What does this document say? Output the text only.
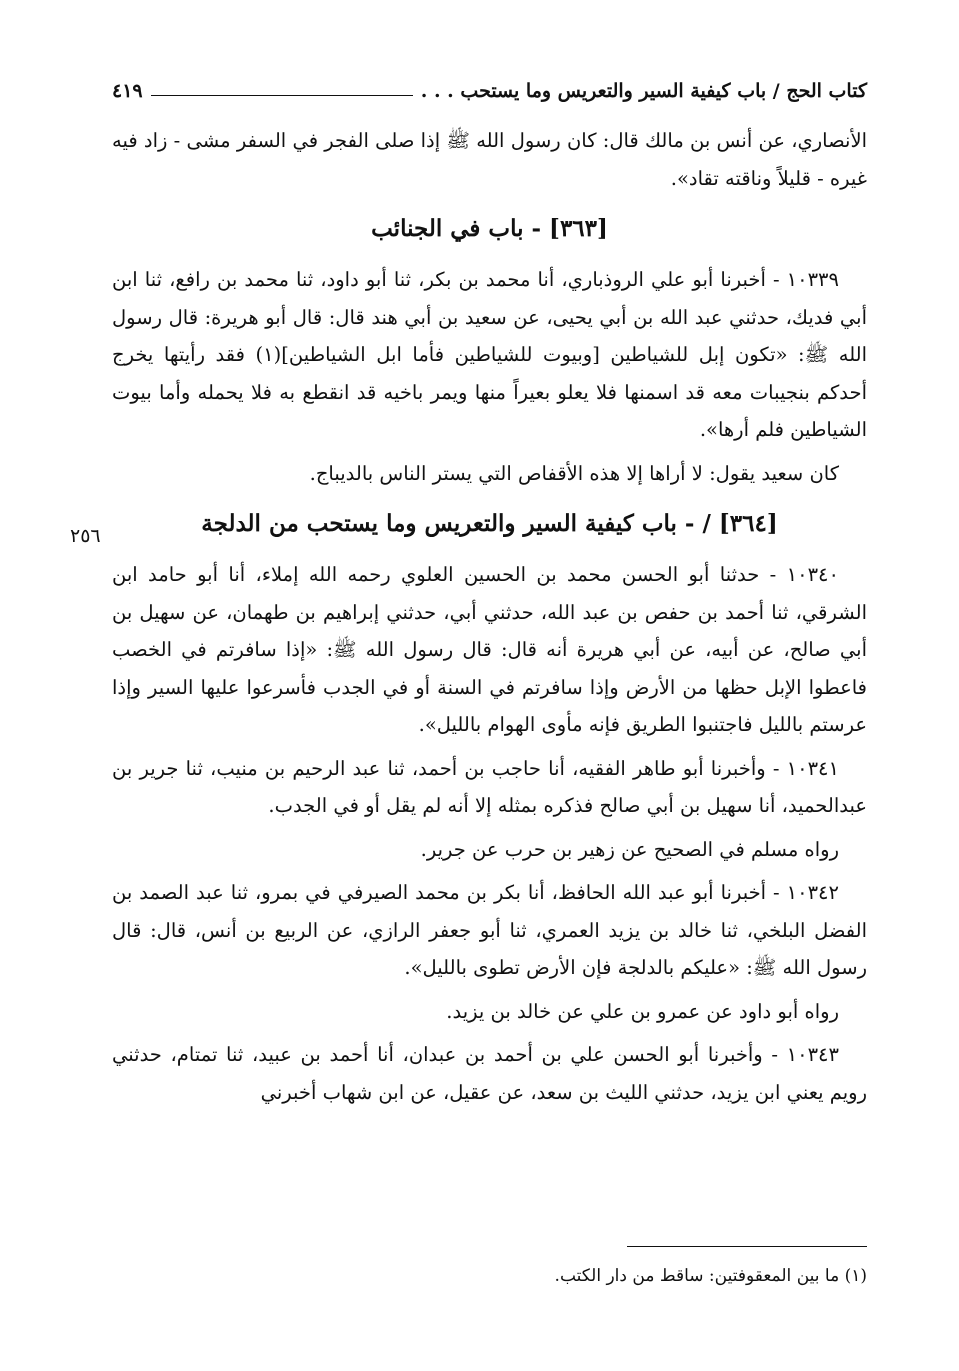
كتاب الحج / باب كيفية السير والتعريس وما يستحب . . .
٤١٩

الأنصاري، عن أنس بن مالك قال: كان رسول الله ﷺ إذا صلى الفجر في السفر مشى - زاد فيه غيره - قليلاً وناقته تقاد».

[٣٦٣] - باب في الجنائب

١٠٣٣٩ - أخبرنا أبو علي الروذباري، أنا محمد بن بكر، ثنا أبو داود، ثنا محمد بن رافع، ثنا ابن أبي فديك، حدثني عبد الله بن أبي يحيى، عن سعيد بن أبي هند قال: قال أبو هريرة: قال رسول الله ﷺ: «تكون إبل للشياطين [وبيوت للشياطين فأما ابل الشياطين](١) فقد رأيتها يخرج أحدكم بنجيبات معه قد اسمنها فلا يعلو بعيراً منها ويمر باخيه قد انقطع به فلا يحمله وأما بيوت الشياطين فلم أرها».

كان سعيد يقول: لا أراها إلا هذه الأقفاص التي يستر الناس بالديباج.

[٣٦٤] / - باب كيفية السير والتعريس وما يستحب من الدلجة
٢٥٦

١٠٣٤٠ - حدثنا أبو الحسن محمد بن الحسين العلوي رحمه الله إملاء، أنا أبو حامد ابن الشرقي، ثنا أحمد بن حفص بن عبد الله، حدثني أبي، حدثني إبراهيم بن طهمان، عن سهيل بن أبي صالح، عن أبيه، عن أبي هريرة أنه قال: قال رسول الله ﷺ: «إذا سافرتم في الخصب فاعطوا الإبل حظها من الأرض وإذا سافرتم في السنة أو في الجدب فأسرعوا عليها السير وإذا عرستم بالليل فاجتنبوا الطريق فإنه مأوى الهوام بالليل».

١٠٣٤١ - وأخبرنا أبو طاهر الفقيه، أنا حاجب بن أحمد، ثنا عبد الرحيم بن منيب، ثنا جرير بن عبدالحميد، أنا سهيل بن أبي صالح فذكره بمثله إلا أنه لم يقل أو في الجدب.

رواه مسلم في الصحيح عن زهير بن حرب عن جرير.

١٠٣٤٢ - أخبرنا أبو عبد الله الحافظ، أنا بكر بن محمد الصيرفي في بمرو، ثنا عبد الصمد بن الفضل البلخي، ثنا خالد بن يزيد العمري، ثنا أبو جعفر الرازي، عن الربيع بن أنس، قال: قال رسول الله ﷺ: «عليكم بالدلجة فإن الأرض تطوى بالليل».

رواه أبو داود عن عمرو بن علي عن خالد بن يزيد.

١٠٣٤٣ - وأخبرنا أبو الحسن علي بن أحمد بن عبدان، أنا أحمد بن عبيد، ثنا تمتام، حدثني رويم يعني ابن يزيد، حدثني الليث بن سعد، عن عقيل، عن ابن شهاب أخبرني

(١) ما بين المعقوفتين: ساقط من دار الكتب.
